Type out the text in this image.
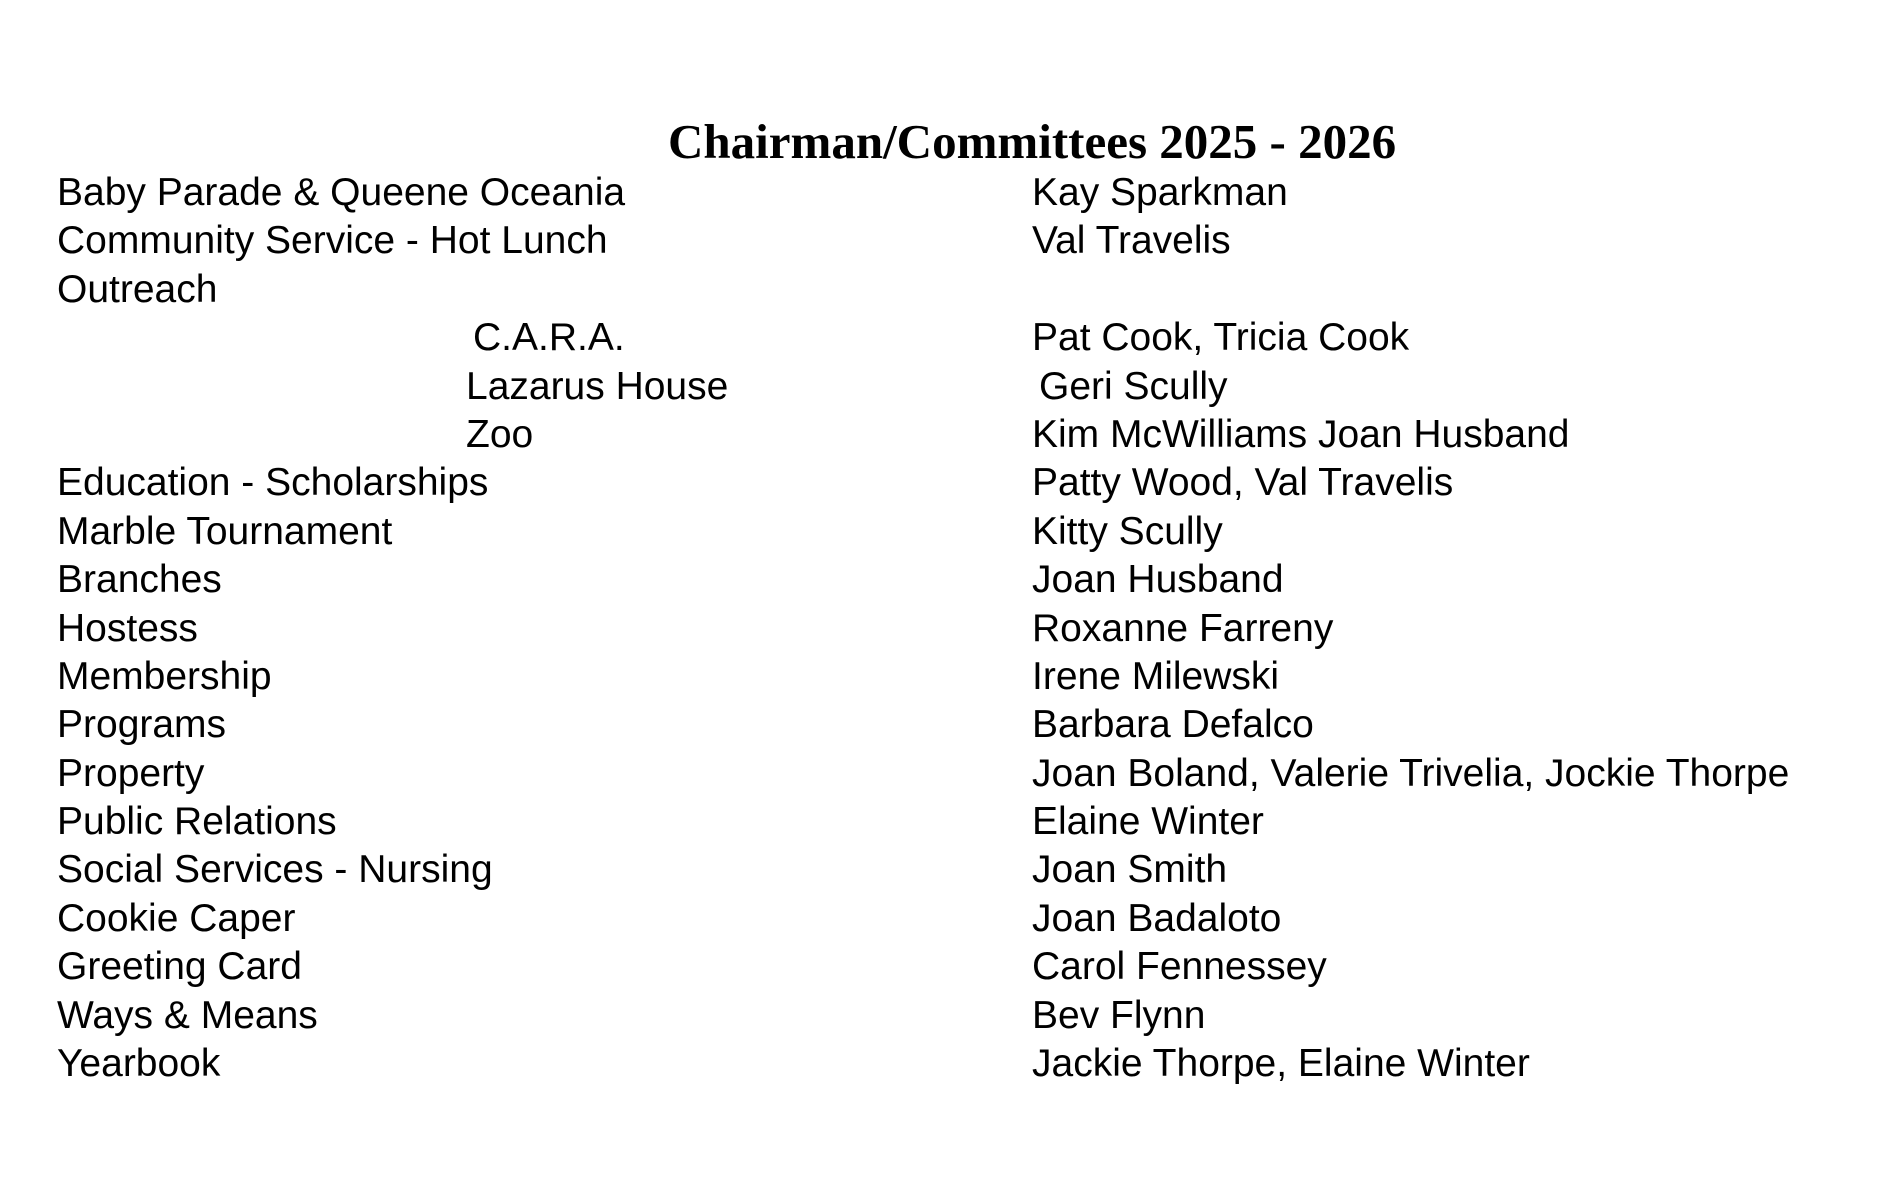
Chairman/Committees 2025 - 2026
Baby Parade & Queene Oceania	Kay Sparkman
Community Service - Hot Lunch	Val Travelis
Outreach
C.A.R.A.	Pat Cook, Tricia Cook
Lazarus House	Geri Scully
Zoo	Kim McWilliams Joan Husband
Education - Scholarships	Patty Wood, Val Travelis
Marble Tournament	Kitty Scully
Branches	Joan Husband
Hostess	Roxanne Farreny
Membership	Irene Milewski
Programs	Barbara Defalco
Property	Joan Boland, Valerie Trivelia, Jockie Thorpe
Public Relations	Elaine Winter
Social Services - Nursing	Joan Smith
Cookie Caper	Joan Badaloto
Greeting Card	Carol Fennessey
Ways & Means	Bev Flynn
Yearbook	Jackie Thorpe, Elaine Winter
